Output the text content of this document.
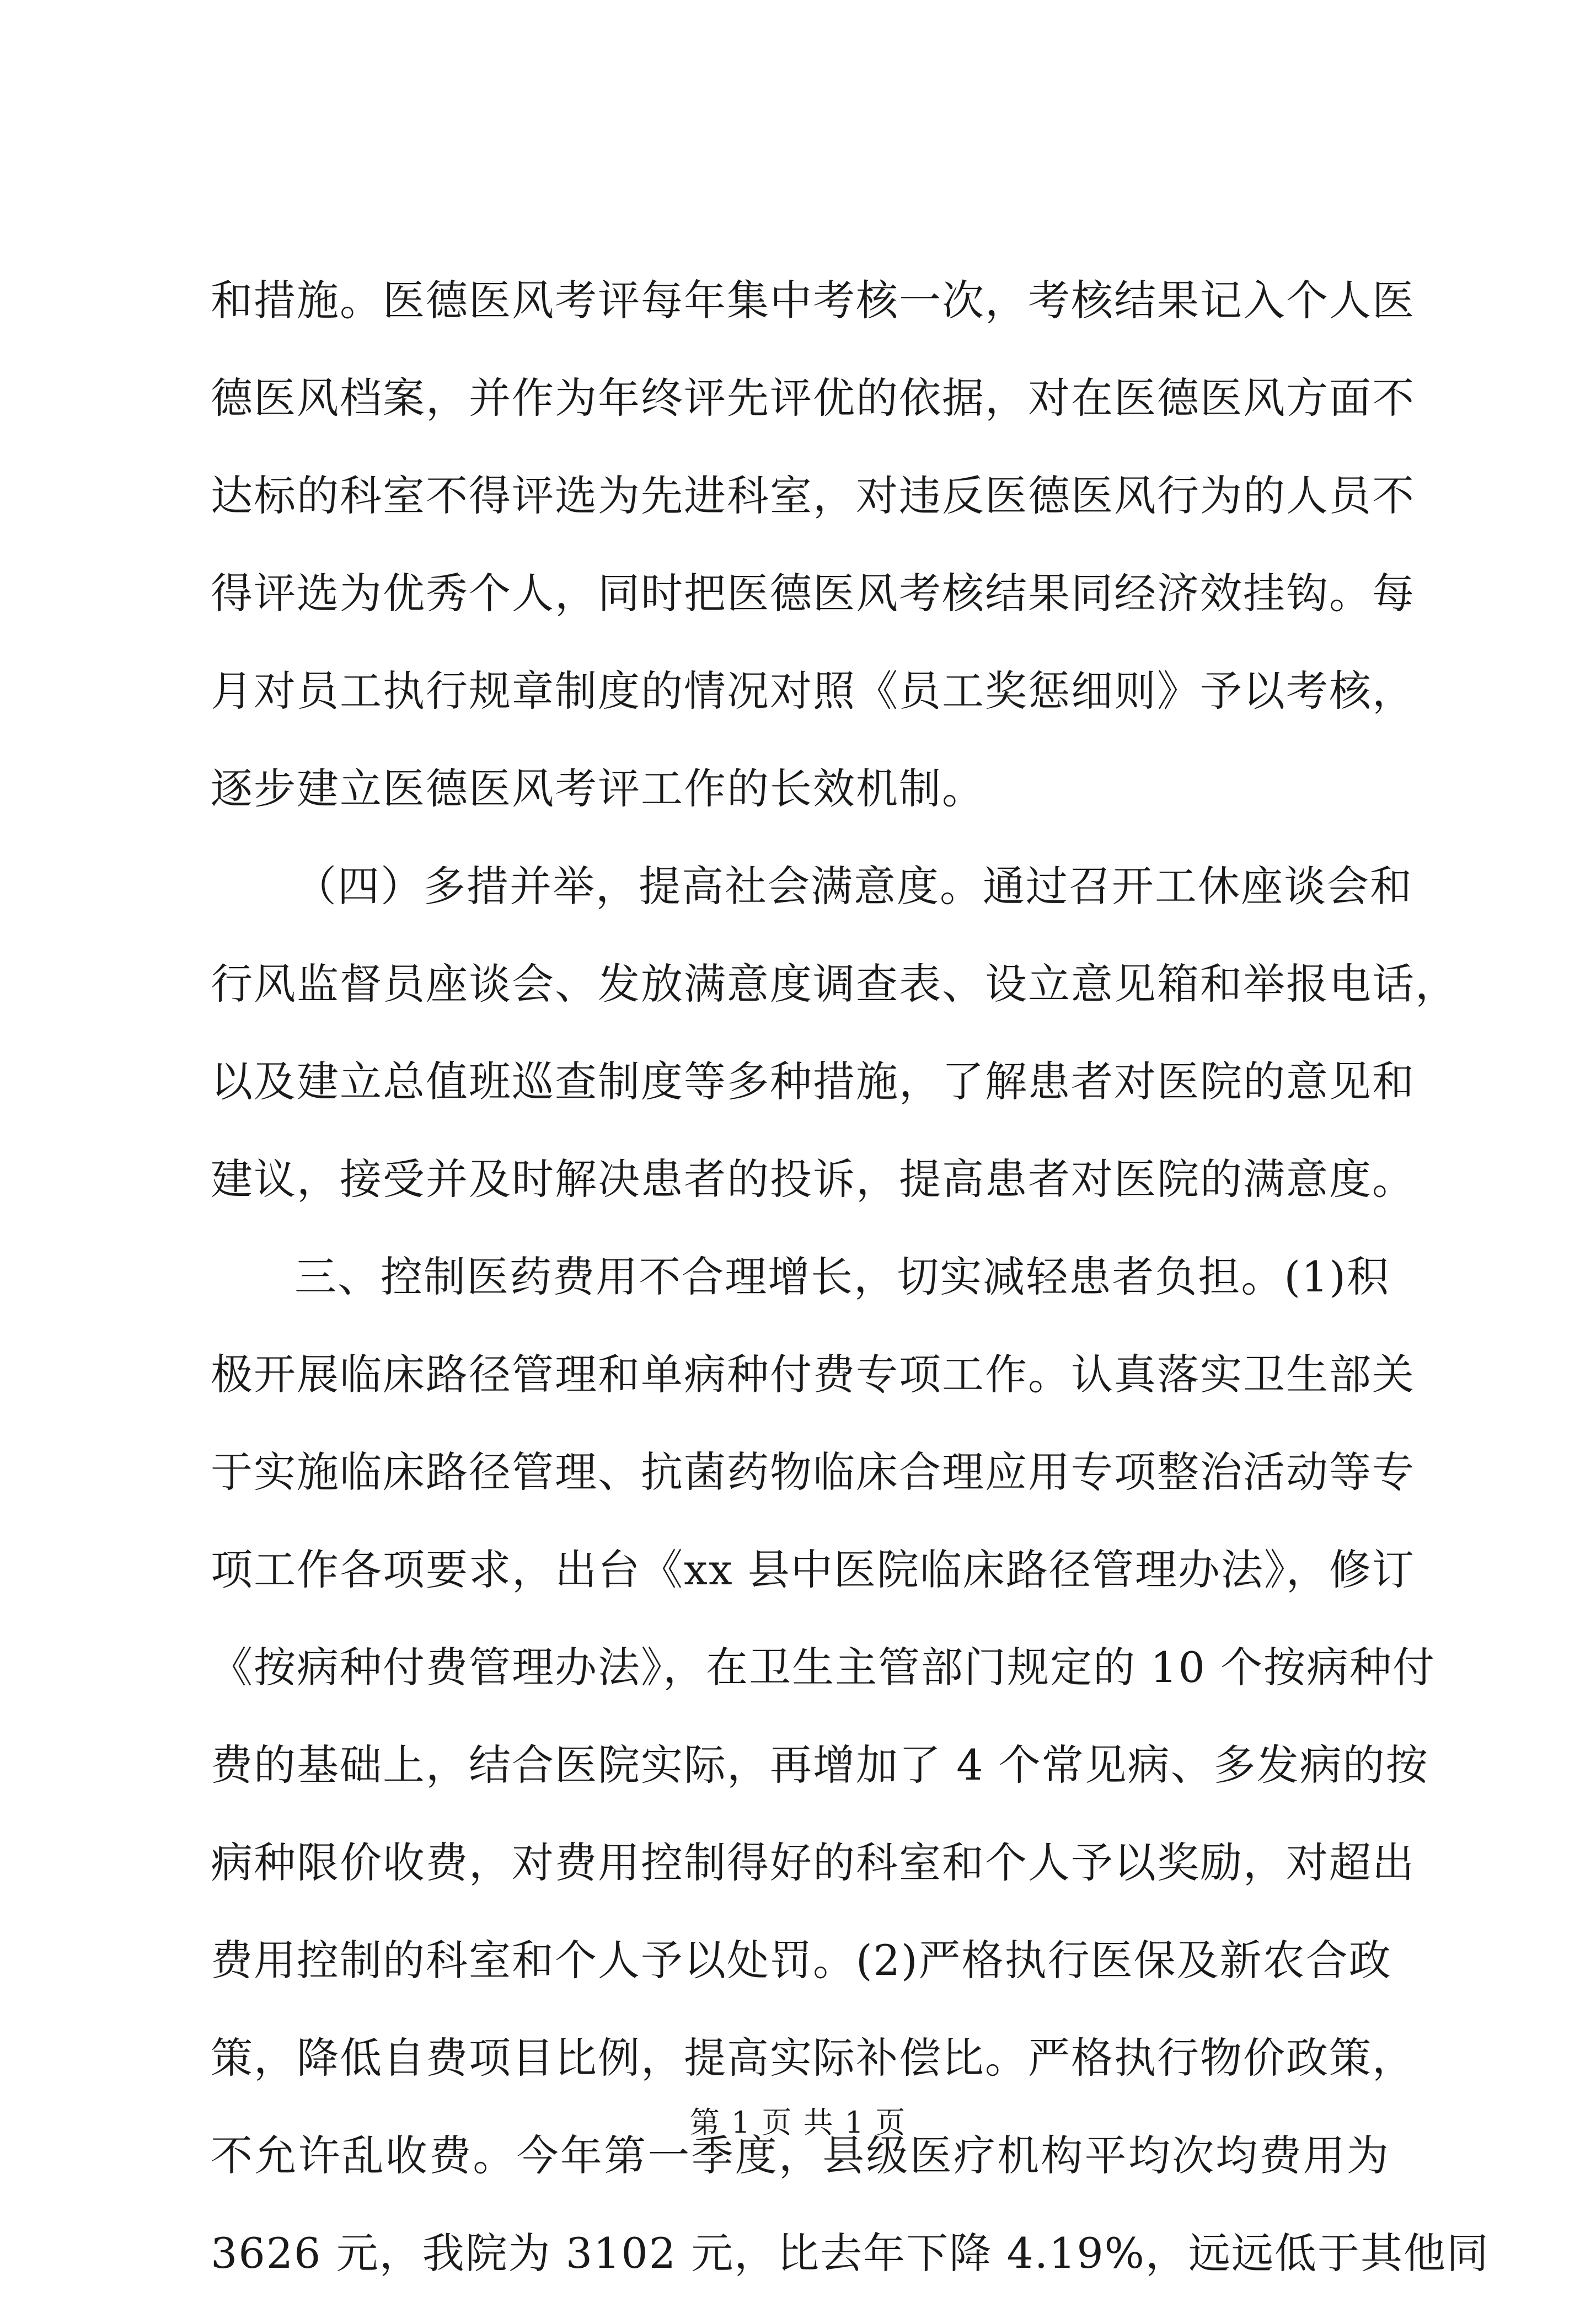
和措施。医德医风考评每年集中考核一次，考核结果记入个人医
德医风档案，并作为年终评先评优的依据，对在医德医风方面不
达标的科室不得评选为先进科室，对违反医德医风行为的人员不
得评选为优秀个人，同时把医德医风考核结果同经济效挂钩。每
月对员工执行规章制度的情况对照《员工奖惩细则》予以考核，
逐步建立医德医风考评工作的长效机制。
（四）多措并举，提高社会满意度。通过召开工休座谈会和
行风监督员座谈会、发放满意度调查表、设立意见箱和举报电话，
以及建立总值班巡查制度等多种措施，了解患者对医院的意见和
建议，接受并及时解决患者的投诉，提高患者对医院的满意度。
三、控制医药费用不合理增长，切实减轻患者负担。(1)积
极开展临床路径管理和单病种付费专项工作。认真落实卫生部关
于实施临床路径管理、抗菌药物临床合理应用专项整治活动等专
项工作各项要求，出台《xx 县中医院临床路径管理办法》，修订
《按病种付费管理办法》，在卫生主管部门规定的 10 个按病种付
费的基础上，结合医院实际，再增加了 4 个常见病、多发病的按
病种限价收费，对费用控制得好的科室和个人予以奖励，对超出
费用控制的科室和个人予以处罚。(2)严格执行医保及新农合政
策，降低自费项目比例，提高实际补偿比。严格执行物价政策，
不允许乱收费。今年第一季度，县级医疗机构平均次均费用为
3626 元，我院为 3102 元，比去年下降 4.19%，远远低于其他同
第 1 页 共 1 页
